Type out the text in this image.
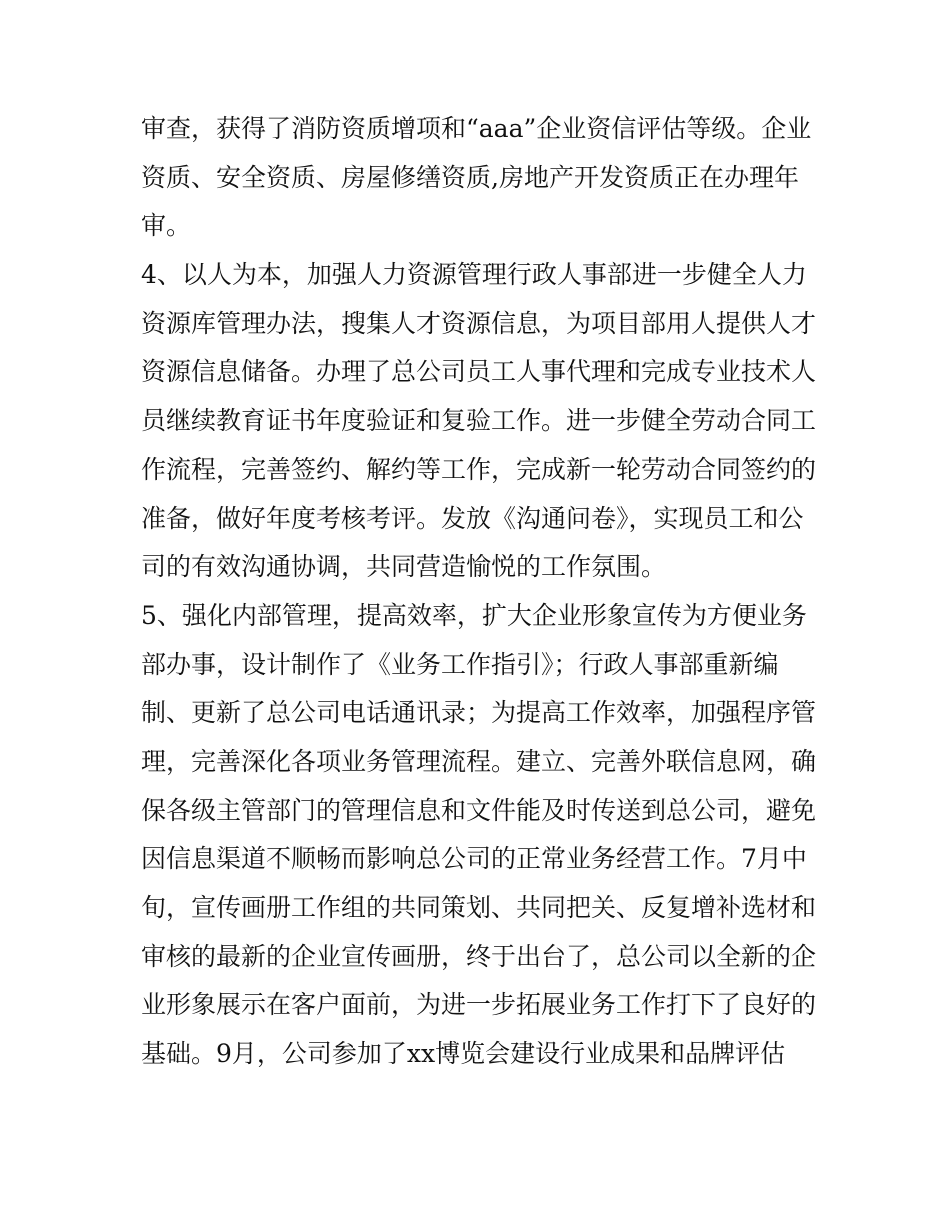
审查，获得了消防资质增项和“aaa”企业资信评估等级。企业
资质、安全资质、房屋修缮资质,房地产开发资质正在办理年
审。
4、以人为本，加强人力资源管理行政人事部进一步健全人力
资源库管理办法，搜集人才资源信息，为项目部用人提供人才
资源信息储备。办理了总公司员工人事代理和完成专业技术人
员继续教育证书年度验证和复验工作。进一步健全劳动合同工
作流程，完善签约、解约等工作，完成新一轮劳动合同签约的
准备，做好年度考核考评。发放《沟通问卷》，实现员工和公
司的有效沟通协调，共同营造愉悦的工作氛围。
5、强化内部管理，提高效率，扩大企业形象宣传为方便业务
部办事，设计制作了《业务工作指引》；行政人事部重新编
制、更新了总公司电话通讯录；为提高工作效率，加强程序管
理，完善深化各项业务管理流程。建立、完善外联信息网，确
保各级主管部门的管理信息和文件能及时传送到总公司，避免
因信息渠道不顺畅而影响总公司的正常业务经营工作。7月中
旬，宣传画册工作组的共同策划、共同把关、反复增补选材和
审核的最新的企业宣传画册，终于出台了，总公司以全新的企
业形象展示在客户面前，为进一步拓展业务工作打下了良好的
基础。9月，公司参加了xx博览会建设行业成果和品牌评估
